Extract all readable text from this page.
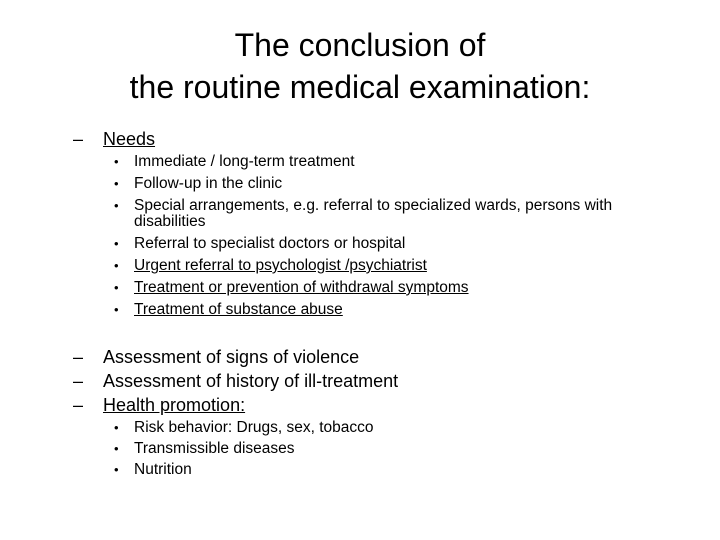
The conclusion of
the routine medical examination:
– Needs
• Immediate / long-term treatment
• Follow-up in the clinic
• Special arrangements, e.g. referral to specialized wards, persons with disabilities
• Referral to specialist doctors or hospital
• Urgent referral to psychologist /psychiatrist
• Treatment or prevention of withdrawal symptoms
• Treatment of substance abuse
– Assessment of signs of violence
– Assessment of history of ill-treatment
– Health promotion:
• Risk behavior: Drugs, sex, tobacco
• Transmissible diseases
• Nutrition
